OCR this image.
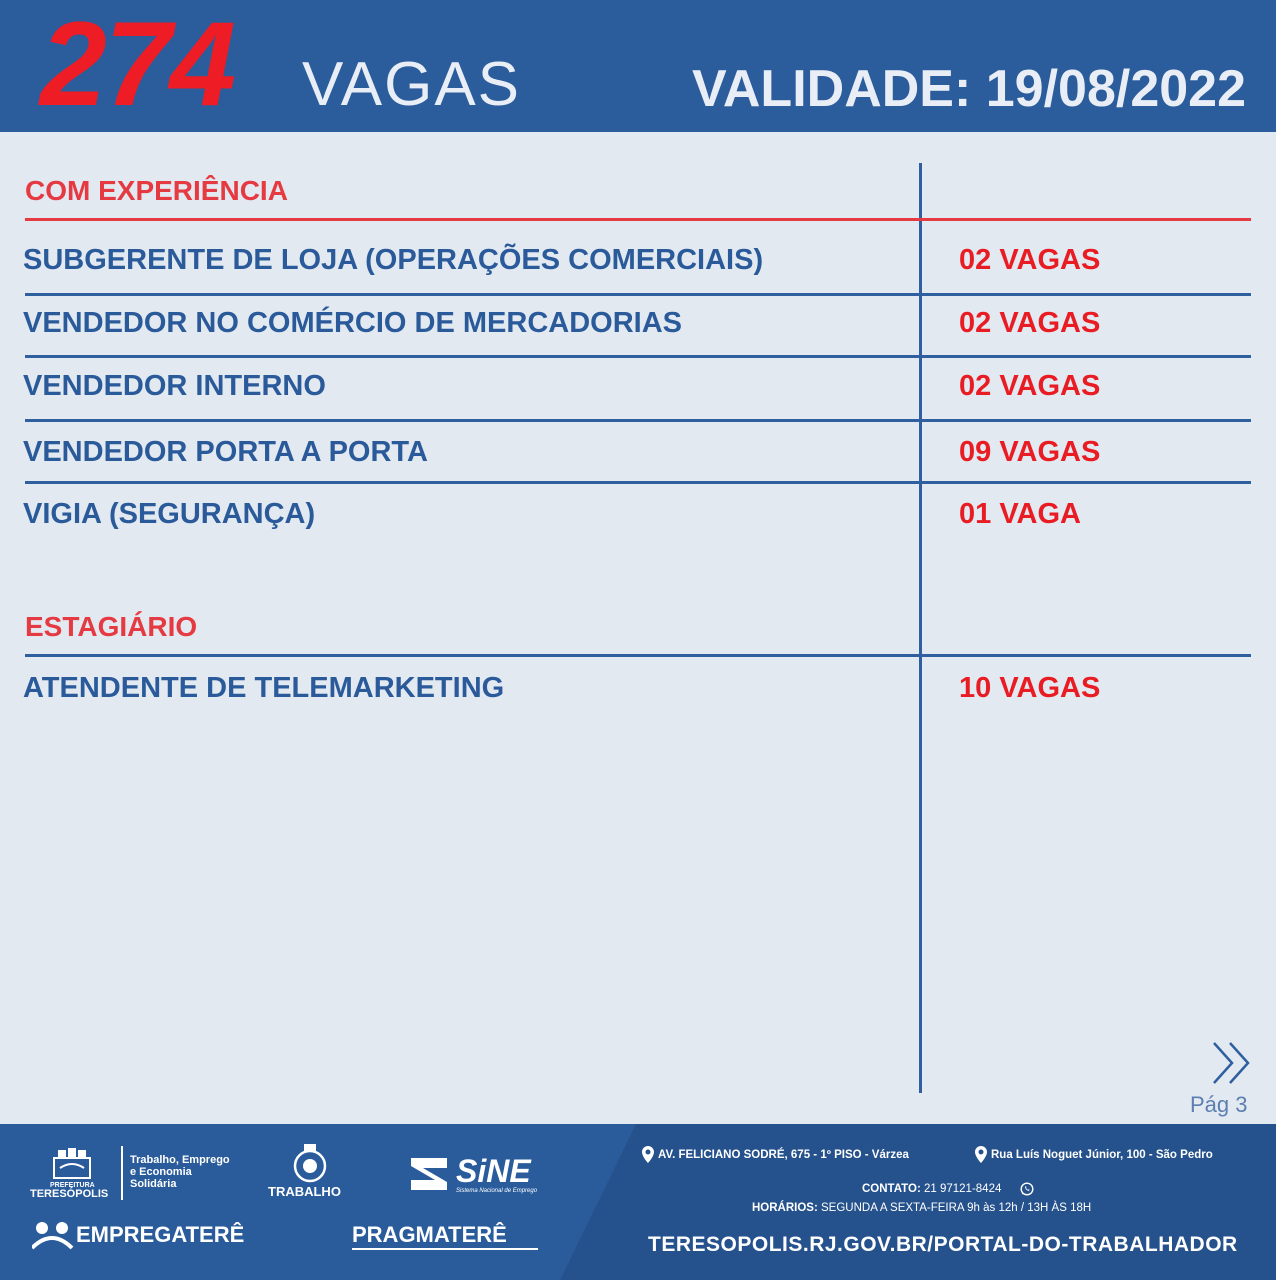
274 VAGAS	VALIDADE: 19/08/2022
COM EXPERIÊNCIA
SUBGERENTE DE LOJA (OPERAÇÕES COMERCIAIS)	02 VAGAS
VENDEDOR NO COMÉRCIO DE MERCADORIAS	02 VAGAS
VENDEDOR INTERNO	02 VAGAS
VENDEDOR PORTA A PORTA	09 VAGAS
VIGIA (SEGURANÇA)	01 VAGA
ESTAGIÁRIO
ATENDENTE DE TELEMARKETING	10 VAGAS
Pág 3
PREFEITURA
TERESÓPOLIS
Trabalho, Emprego
e Economia
Solidária	TRABALHO
SiNE
Sistema Nacional de Emprego
EMPREGATERÊ	PRAGMATERÊ
AV. FELICIANO SODRÉ, 675 - 1º PISO - Várzea	Rua Luís Noguet Júnior, 100 - São Pedro
CONTATO: 21 97121-8424
HORÁRIOS: SEGUNDA A SEXTA-FEIRA 9h às 12h / 13H ÀS 18H
TERESOPOLIS.RJ.GOV.BR/PORTAL-DO-TRABALHADOR
